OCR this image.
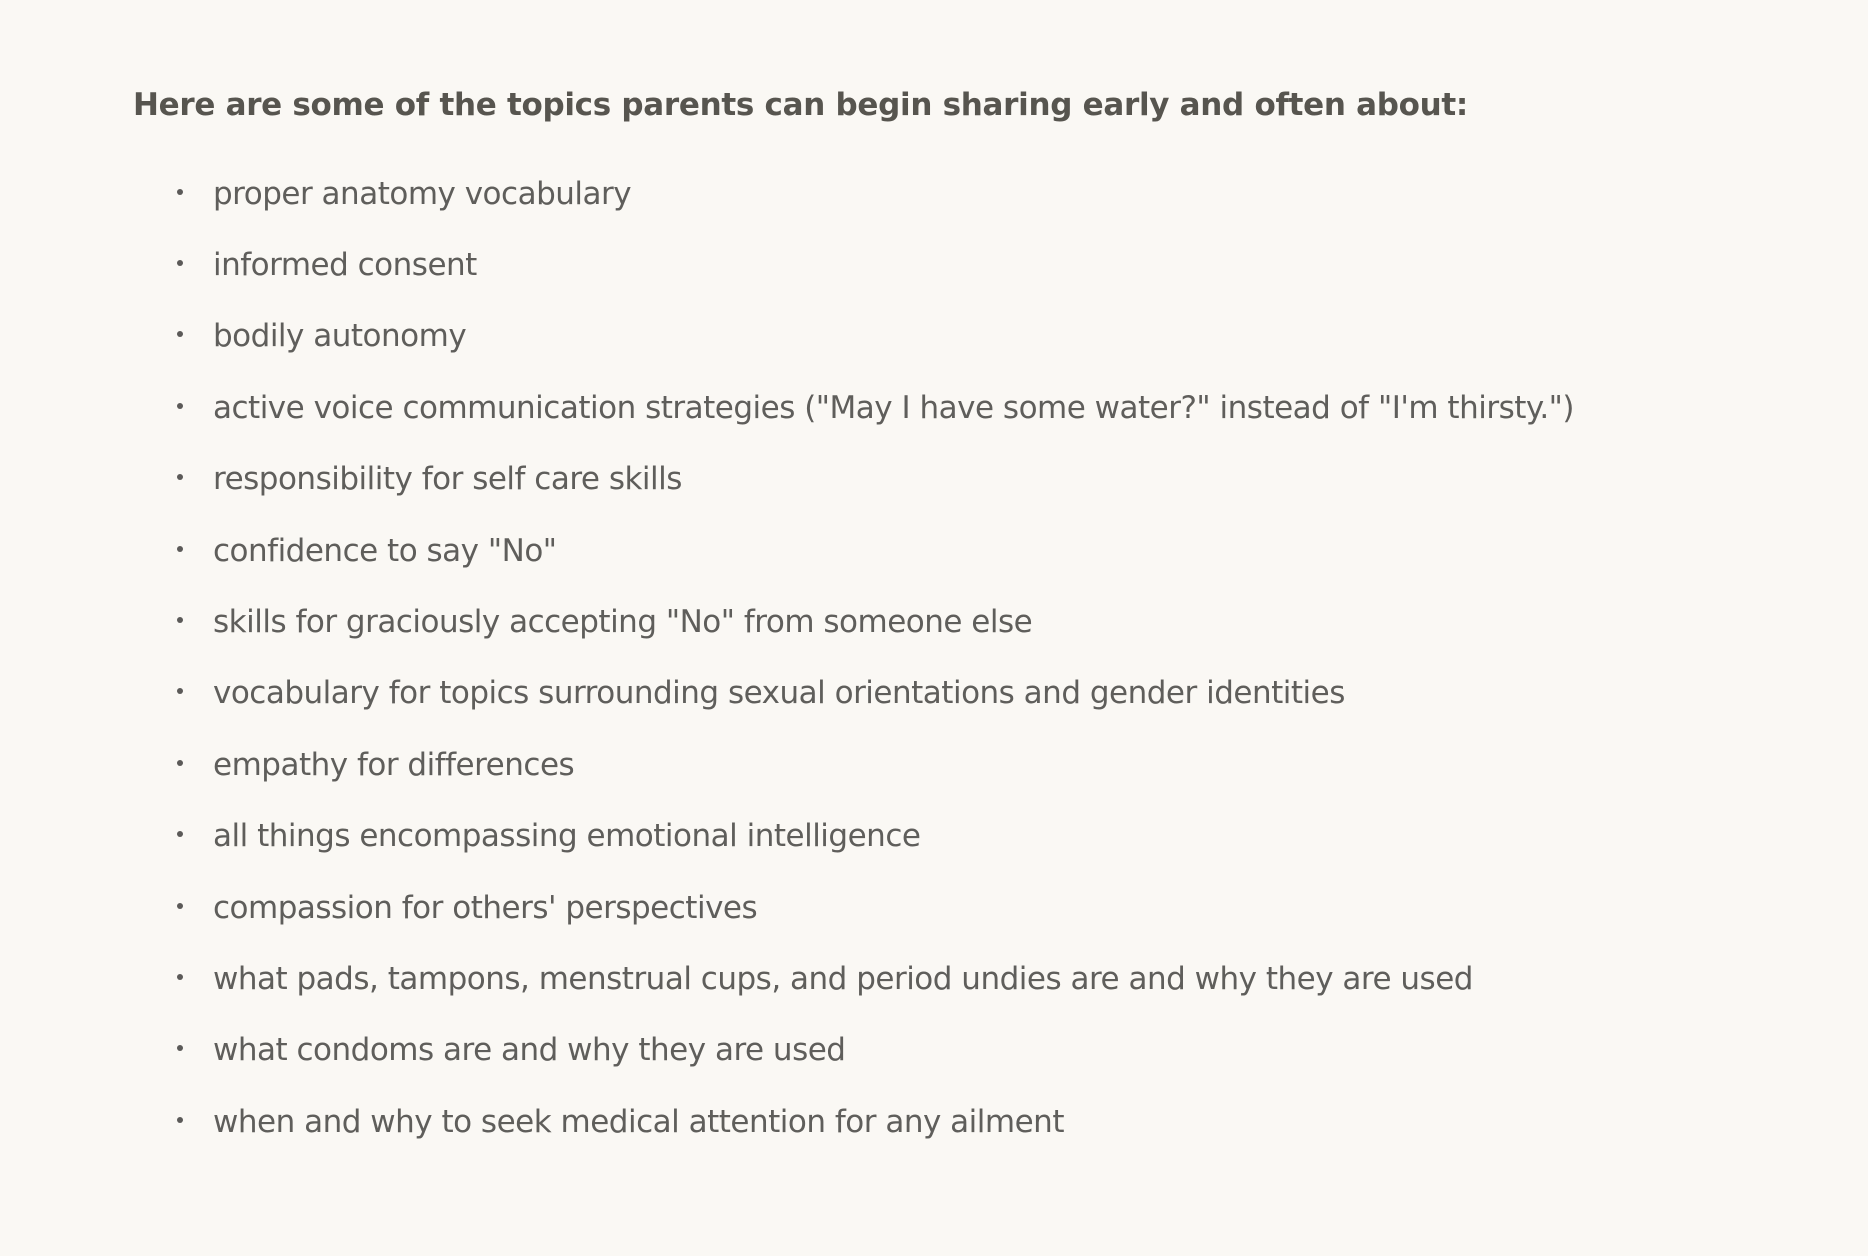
Here are some of the topics parents can begin sharing early and often about:

proper anatomy vocabulary
informed consent
bodily autonomy
active voice communication strategies ("May I have some water?" instead of "I'm thirsty.")
responsibility for self care skills
confidence to say "No"
skills for graciously accepting "No" from someone else
vocabulary for topics surrounding sexual orientations and gender identities
empathy for differences
all things encompassing emotional intelligence
compassion for others' perspectives
what pads, tampons, menstrual cups, and period undies are and why they are used
what condoms are and why they are used
when and why to seek medical attention for any ailment
